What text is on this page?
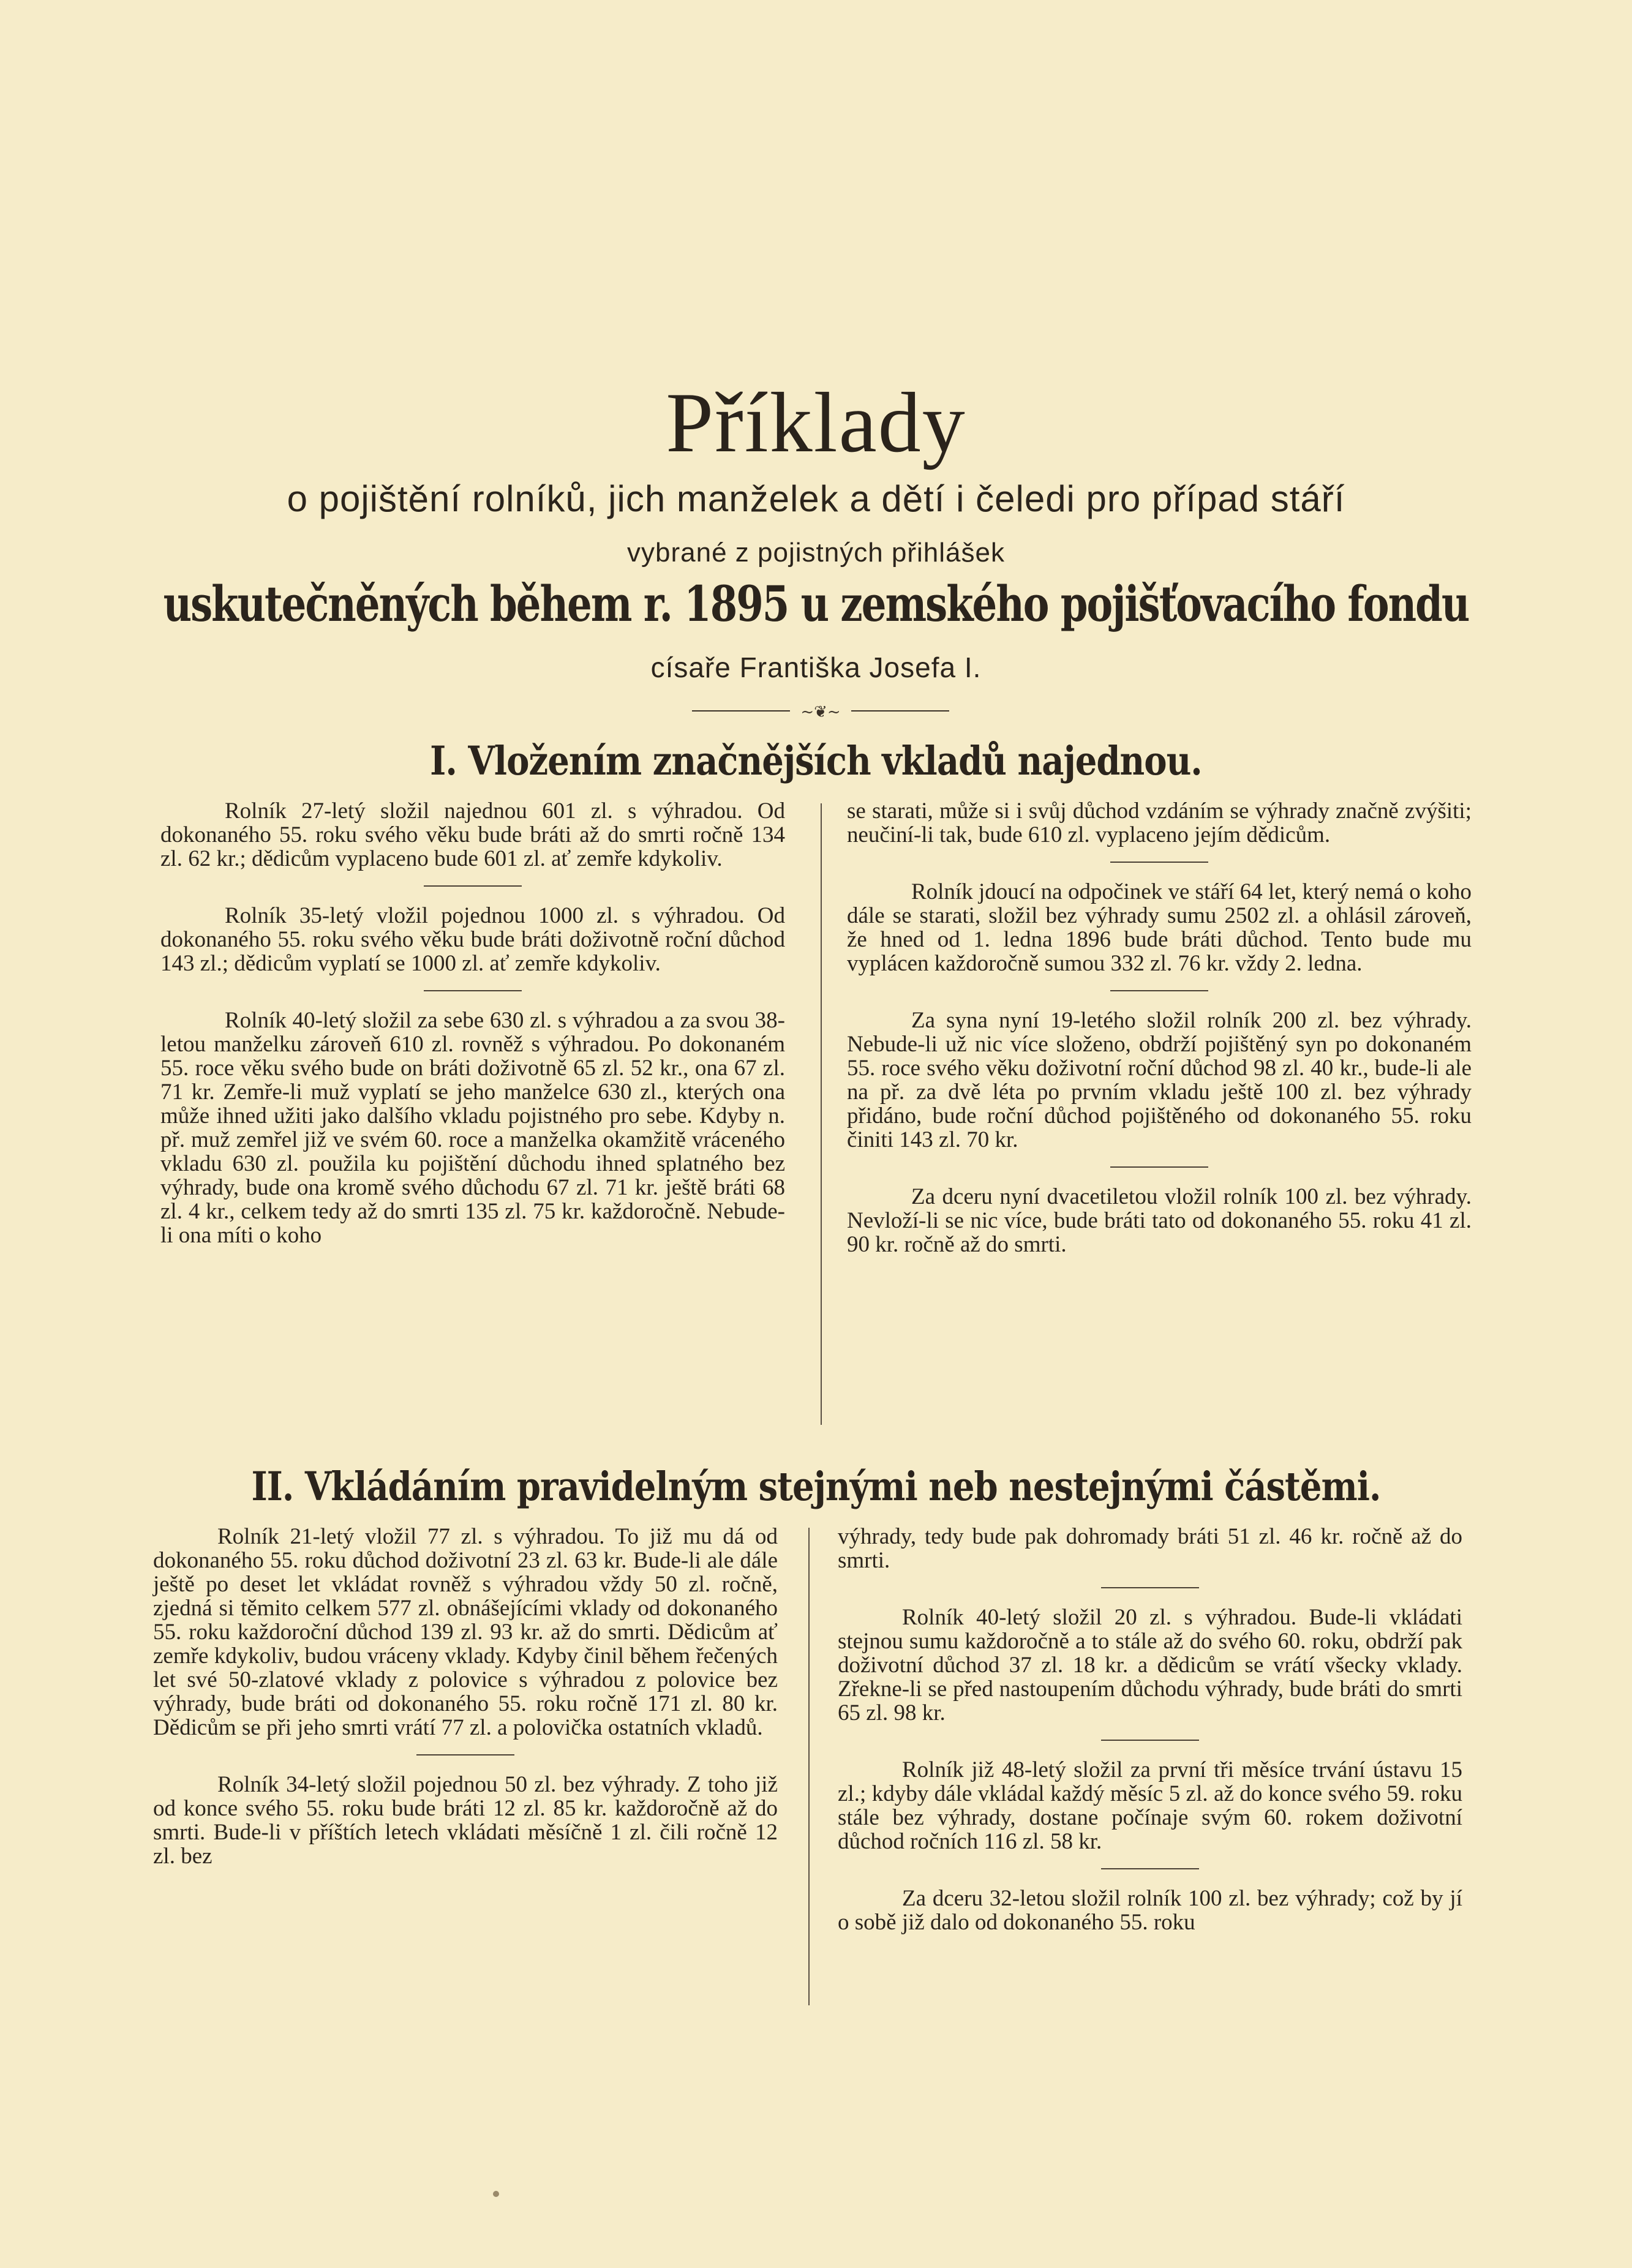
Příklady
o pojištění rolníků, jich manželek a dětí i čeledi pro případ stáří
vybrané z pojistných přihlášek
uskutečněných během r. 1895 u zemského pojišťovacího fondu
císaře Františka Josefa I.
~❦~
I. Vložením značnějších vkladů najednou.

Rolník 27-letý složil najednou 601 zl. s výhradou. Od dokonaného 55. roku svého věku bude bráti až do smrti ročně 134 zl. 62 kr.; dědicům vyplaceno bude 601 zl. ať zemře kdykoliv.

Rolník 35-letý vložil pojednou 1000 zl. s výhradou. Od dokonaného 55. roku svého věku bude bráti doživotně roční důchod 143 zl.; dědicům vyplatí se 1000 zl. ať zemře kdykoliv.

Rolník 40-letý složil za sebe 630 zl. s výhradou a za svou 38-letou manželku zároveň 610 zl. rovněž s výhradou. Po dokonaném 55. roce věku svého bude on bráti doživotně 65 zl. 52 kr., ona 67 zl. 71 kr. Zemře-li muž vyplatí se jeho manželce 630 zl., kterých ona může ihned užiti jako dalšího vkladu pojistného pro sebe. Kdyby n. př. muž zemřel již ve svém 60. roce a manželka okamžitě vráceného vkladu 630 zl. použila ku pojištění důchodu ihned splatného bez výhrady, bude ona kromě svého důchodu 67 zl. 71 kr. ještě bráti 68 zl. 4 kr., celkem tedy až do smrti 135 zl. 75 kr. každoročně. Nebude-li ona míti o koho

se starati, může si i svůj důchod vzdáním se výhrady značně zvýšiti; neučiní-li tak, bude 610 zl. vyplaceno jejím dědicům.

Rolník jdoucí na odpočinek ve stáří 64 let, který nemá o koho dále se starati, složil bez výhrady sumu 2502 zl. a ohlásil zároveň, že hned od 1. ledna 1896 bude bráti důchod. Tento bude mu vyplácen každoročně sumou 332 zl. 76 kr. vždy 2. ledna.

Za syna nyní 19-letého složil rolník 200 zl. bez výhrady. Nebude-li už nic více složeno, obdrží pojištěný syn po dokonaném 55. roce svého věku doživotní roční důchod 98 zl. 40 kr., bude-li ale na př. za dvě léta po prvním vkladu ještě 100 zl. bez výhrady přidáno, bude roční důchod pojištěného od dokonaného 55. roku činiti 143 zl. 70 kr.

Za dceru nyní dvacetiletou vložil rolník 100 zl. bez výhrady. Nevloží-li se nic více, bude bráti tato od dokonaného 55. roku 41 zl. 90 kr. ročně až do smrti.

II. Vkládáním pravidelným stejnými neb nestejnými částěmi.

Rolník 21-letý vložil 77 zl. s výhradou. To již mu dá od dokonaného 55. roku důchod doživotní 23 zl. 63 kr. Bude-li ale dále ještě po deset let vkládat rovněž s výhradou vždy 50 zl. ročně, zjedná si těmito celkem 577 zl. obnášejícími vklady od dokonaného 55. roku každoroční důchod 139 zl. 93 kr. až do smrti. Dědicům ať zemře kdykoliv, budou vráceny vklady. Kdyby činil během řečených let své 50-zlatové vklady z polovice s výhradou z polovice bez výhrady, bude bráti od dokonaného 55. roku ročně 171 zl. 80 kr. Dědicům se při jeho smrti vrátí 77 zl. a polovička ostatních vkladů.

Rolník 34-letý složil pojednou 50 zl. bez výhrady. Z toho již od konce svého 55. roku bude bráti 12 zl. 85 kr. každoročně až do smrti. Bude-li v příštích letech vkládati měsíčně 1 zl. čili ročně 12 zl. bez

výhrady, tedy bude pak dohromady bráti 51 zl. 46 kr. ročně až do smrti.

Rolník 40-letý složil 20 zl. s výhradou. Bude-li vkládati stejnou sumu každoročně a to stále až do svého 60. roku, obdrží pak doživotní důchod 37 zl. 18 kr. a dědicům se vrátí všecky vklady. Zřekne-li se před nastoupením důchodu výhrady, bude bráti do smrti 65 zl. 98 kr.

Rolník již 48-letý složil za první tři měsíce trvání ústavu 15 zl.; kdyby dále vkládal každý měsíc 5 zl. až do konce svého 59. roku stále bez výhrady, dostane počínaje svým 60. rokem doživotní důchod ročních 116 zl. 58 kr.

Za dceru 32-letou složil rolník 100 zl. bez výhrady; což by jí o sobě již dalo od dokonaného 55. roku
